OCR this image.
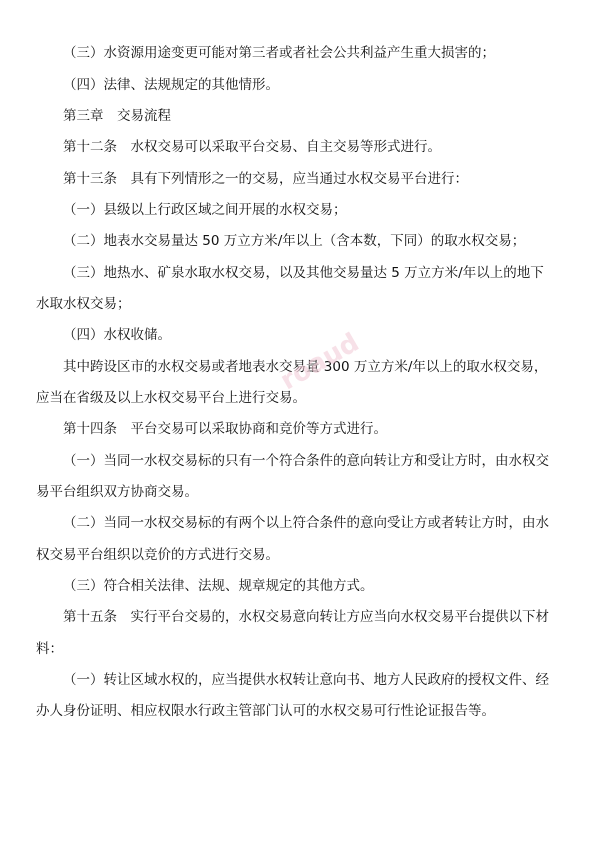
（三）水资源用途变更可能对第三者或者社会公共利益产生重大损害的；
（四）法律、法规规定的其他情形。
第三章　交易流程
第十二条　水权交易可以采取平台交易、自主交易等形式进行。
第十三条　具有下列情形之一的交易，应当通过水权交易平台进行：
（一）县级以上行政区域之间开展的水权交易；
（二）地表水交易量达 50 万立方米/年以上（含本数，下同）的取水权交易；
（三）地热水、矿泉水取水权交易，以及其他交易量达 5 万立方米/年以上的地下
水取水权交易；
（四）水权收储。
其中跨设区市的水权交易或者地表水交易量 300 万立方米/年以上的取水权交易，
应当在省级及以上水权交易平台上进行交易。
第十四条　平台交易可以采取协商和竞价等方式进行。
（一）当同一水权交易标的只有一个符合条件的意向转让方和受让方时，由水权交
易平台组织双方协商交易。
（二）当同一水权交易标的有两个以上符合条件的意向受让方或者转让方时，由水
权交易平台组织以竞价的方式进行交易。
（三）符合相关法律、法规、规章规定的其他方式。
第十五条　实行平台交易的，水权交易意向转让方应当向水权交易平台提供以下材
料：
（一）转让区域水权的，应当提供水权转让意向书、地方人民政府的授权文件、经
办人身份证明、相应权限水行政主管部门认可的水权交易可行性论证报告等。
roaud
